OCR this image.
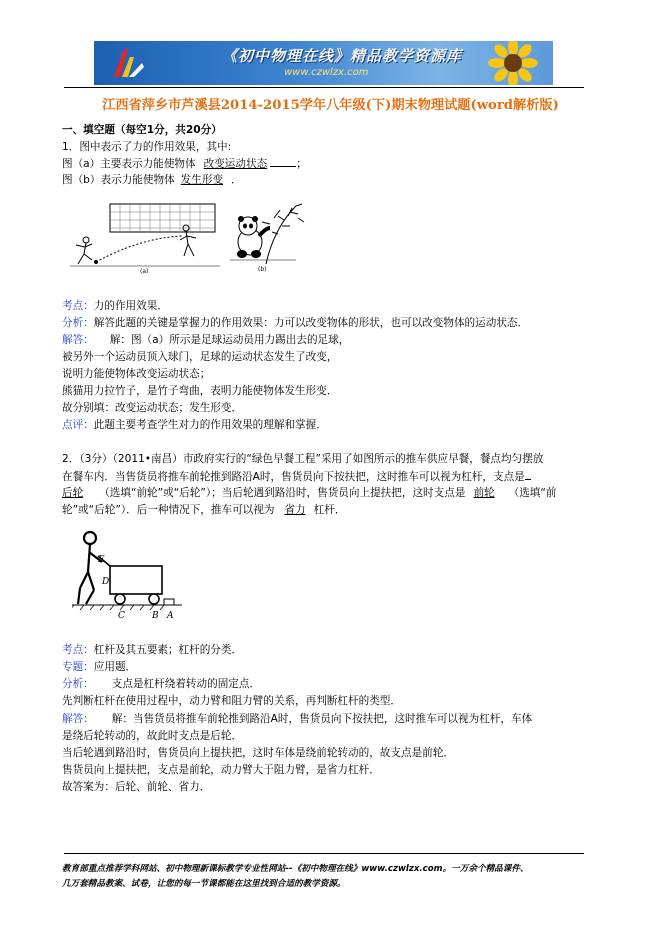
《初中物理在线》精品教学资源库
www.czwlzx.com
江西省萍乡市芦溪县2014-2015学年八年级(下)期末物理试题(word解析版)
一、填空题（每空1分，共20分）
1．图中表示了力的作用效果，其中:
图（a）主要表示力能使物体 改变运动状态	；
图（b）表示力能使物体 发生形变 ．
(a)	(b)
考点：力的作用效果．
分析：解答此题的关键是掌握力的作用效果：力可以改变物体的形状，也可以改变物体的运动状态．
解答： 解：图（a）所示是足球运动员用力踢出去的足球，
被另外一个运动员顶入球门，足球的运动状态发生了改变，
说明力能使物体改变运动状态；
熊猫用力拉竹子，是竹子弯曲，表明力能使物体发生形变．
故分别填：改变运动状态；发生形变．
点评：此题主要考查学生对力的作用效果的理解和掌握．
2．（3分）（2011•南昌）市政府实行的“绿色早餐工程”采用了如图所示的推车供应早餐，餐点均匀摆放
在餐车内．当售货员将推车前轮推到路沿A时，售货员向下按扶把，这时推车可以视为杠杆，支点是
后轮 （选填“前轮”或“后轮”）；当后轮遇到路沿时，售货员向上提扶把，这时支点是 前轮 （选填“前
轮”或“后轮”）．后一种情况下，推车可以视为 省力 杠杆．
E
D
C	B A
考点：杠杆及其五要素；杠杆的分类．
专题：应用题．
分析： 支点是杠杆绕着转动的固定点．
先判断杠杆在使用过程中，动力臂和阻力臂的关系，再判断杠杆的类型．
解答： 解：当售货员将推车前轮推到路沿A时，售货员向下按扶把，这时推车可以视为杠杆，车体
是绕后轮转动的，故此时支点是后轮．
当后轮遇到路沿时，售货员向上提扶把，这时车体是绕前轮转动的，故支点是前轮．
售货员向上提扶把，支点是前轮，动力臂大于阻力臂，是省力杠杆．
故答案为：后轮、前轮、省力．
教育部重点推荐学科网站、初中物理新课标教学专业性网站--《初中物理在线》www.czwlzx.com。一万余个精品课件、
几万套精品教案、试卷，让您的每一节课都能在这里找到合适的教学资源。
